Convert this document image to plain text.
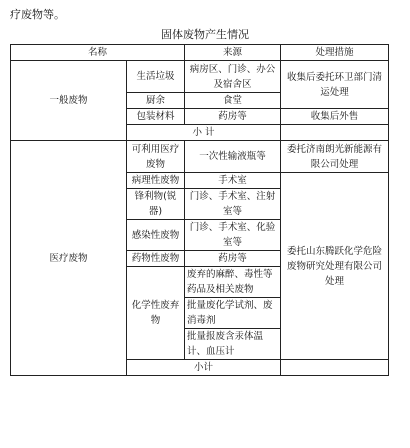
疗废物等。
固体废物产生情况
名称		来源	处理措施
一般废物	生活垃圾	病房区、门诊、办公及宿舍区	收集后委托环卫部门清运处理
	厨余	食堂	
	包装材料	药房等	收集后外售
	小 计		
医疗废物	可利用医疗废物	一次性输液瓶等	委托济南朗光新能源有限公司处理
	病理性废物	手术室	委托山东腾跃化学危险废物研究处理有限公司处理
	锋利物(锐器)	门诊、手术室、注射室等	
	感染性废物	门诊、手术室、化验室等	
	药物性废物	药房等	
	化学性废弃物	废弃的麻醉、毒性等药品及相关废物	
		批量废化学试剂、废消毒剂	
		批量报废含汞体温计、血压计	
	小计		
